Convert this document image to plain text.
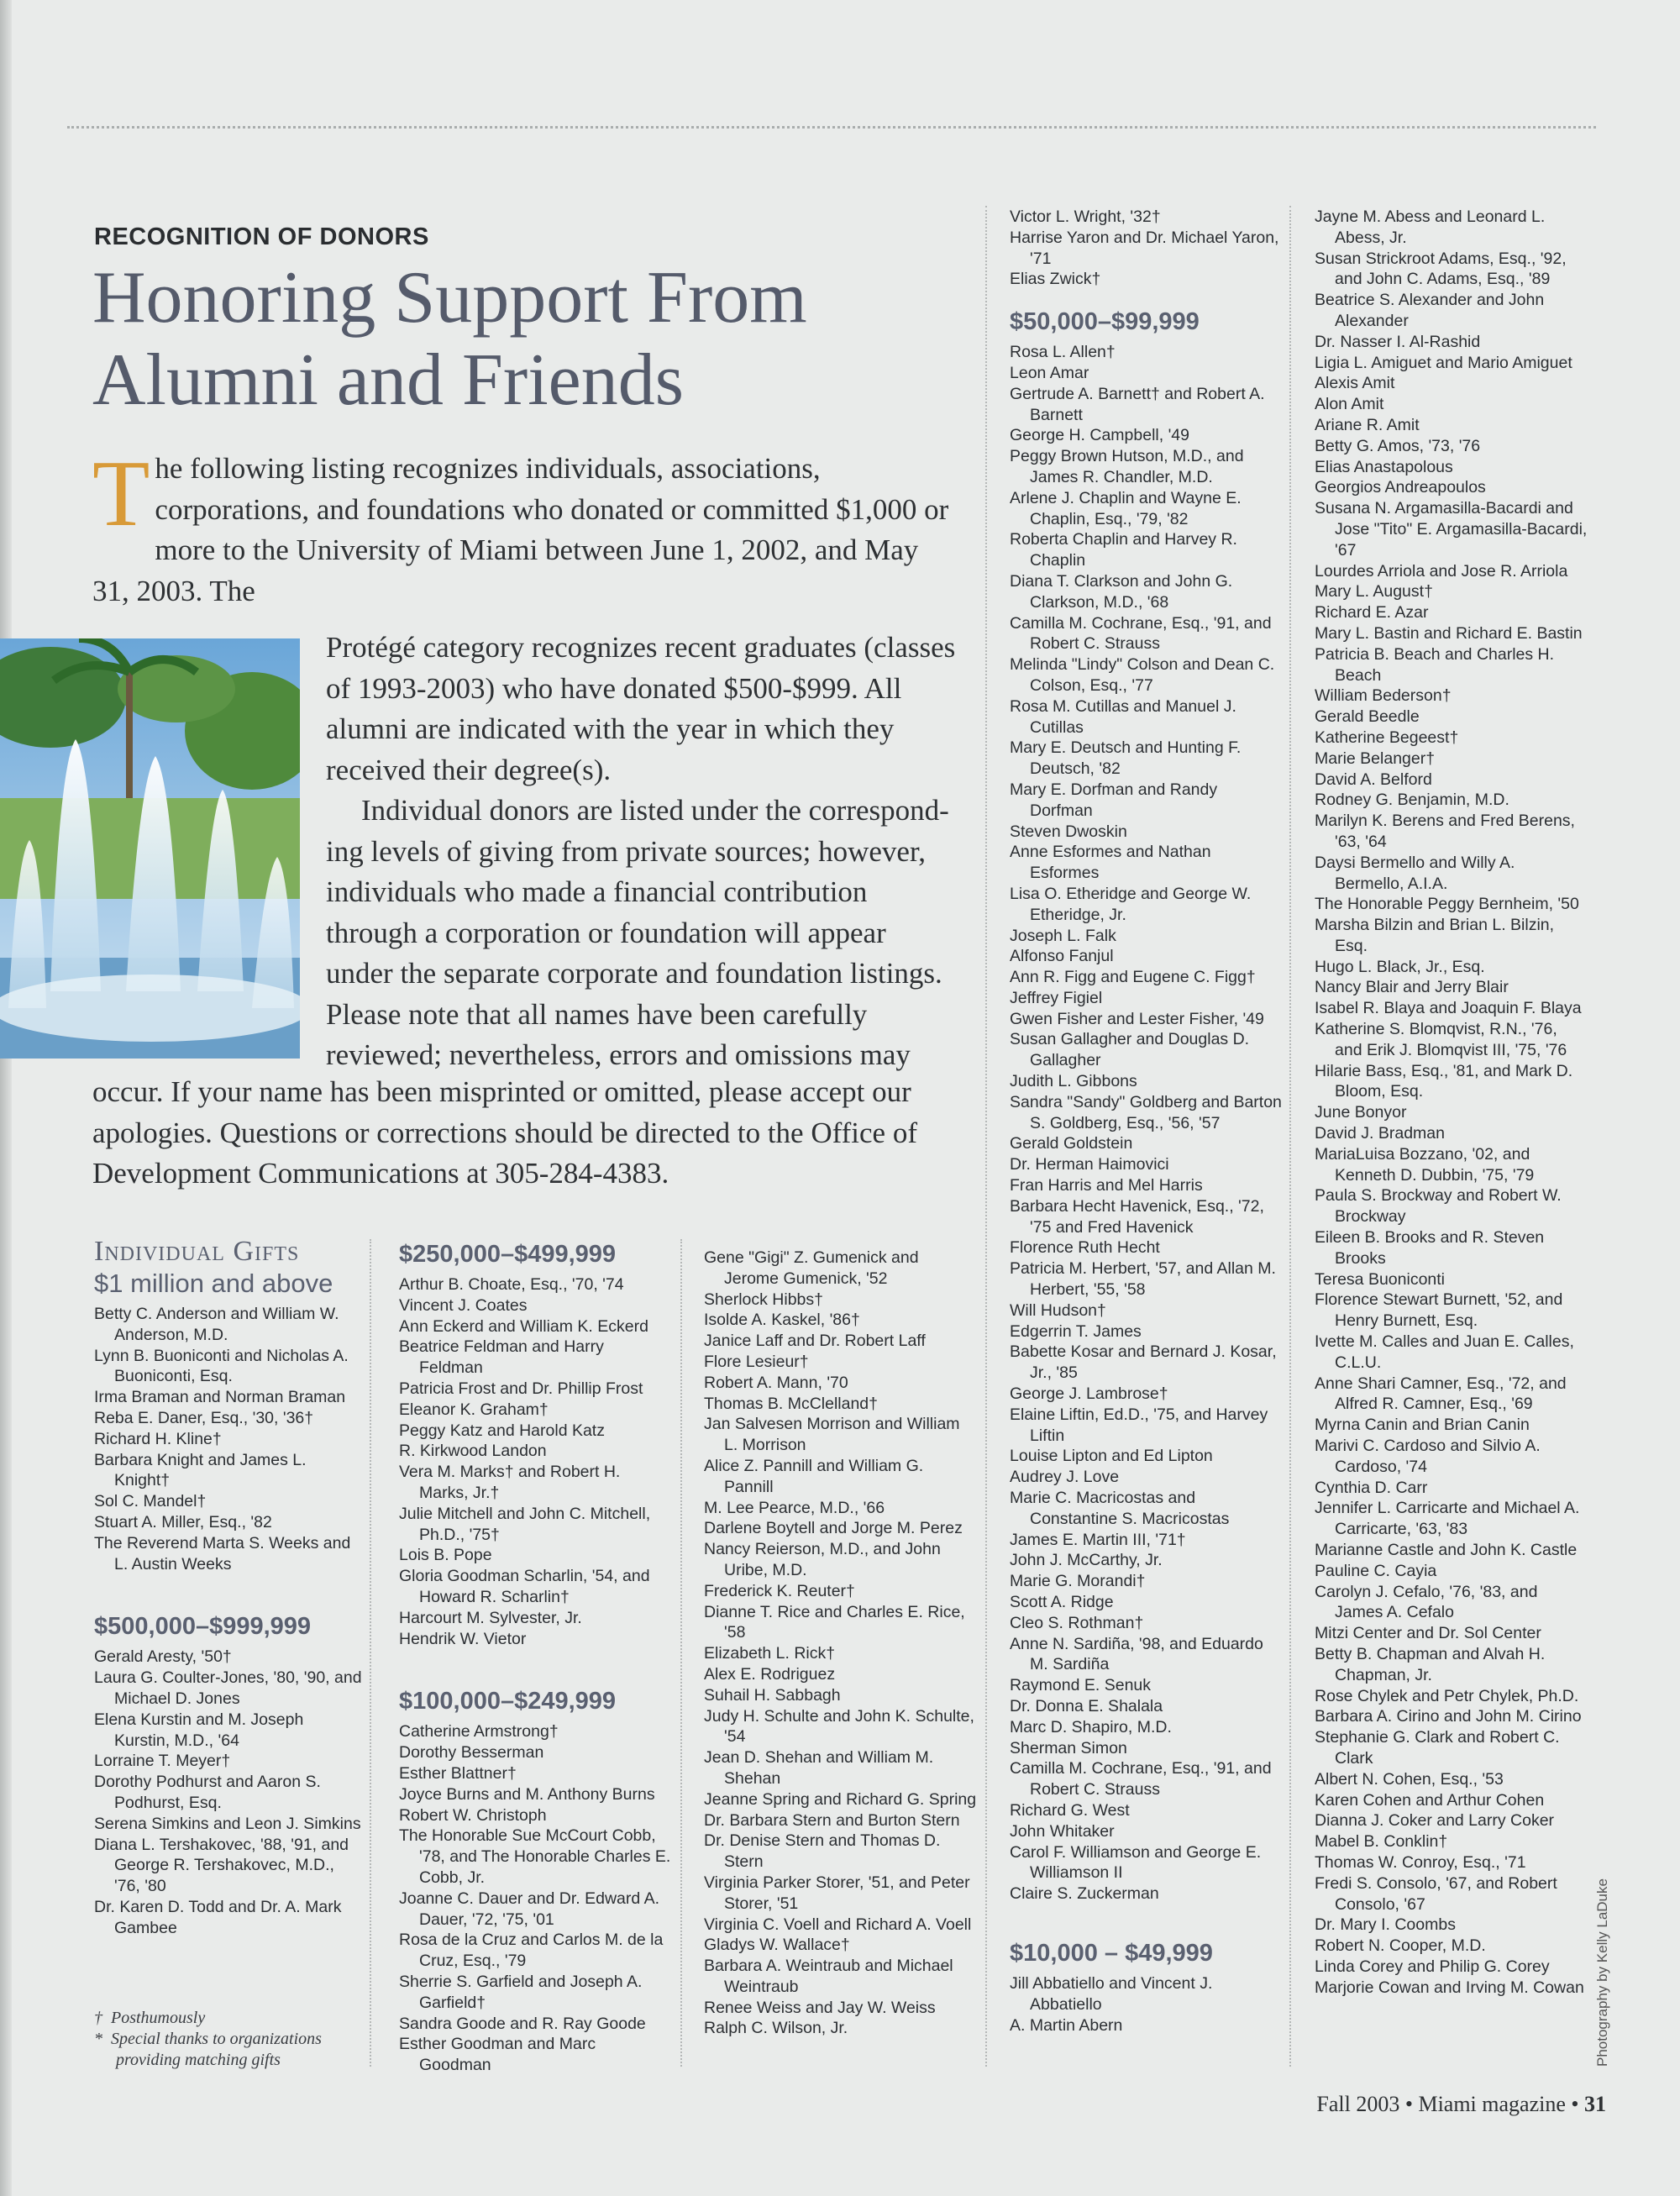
RECOGNITION OF DONORS
Honoring Support From Alumni and Friends
T he following listing recognizes individuals, associations, corporations, and foundations who donated or committed $1,000 or more to the University of Miami between June 1, 2002, and May 31, 2003. The
Protégé category recognizes recent graduates (classes of 1993-2003) who have donated $500-$999. All alumni are indicated with the year in which they received their degree(s).
Individual donors are listed under the correspond-ing levels of giving from private sources; however, individuals who made a financial contribution through a corporation or foundation will appear under the separate corporate and foundation listings. Please note that all names have been carefully reviewed; nevertheless, errors and omissions may
occur. If your name has been misprinted or omitted, please accept our apologies. Questions or corrections should be directed to the Office of Development Communications at 305-284-4383.
Individual Gifts
$1 million and above
Betty C. Anderson and William W. Anderson, M.D.
Lynn B. Buoniconti and Nicholas A. Buoniconti, Esq.
Irma Braman and Norman Braman
Reba E. Daner, Esq., '30, '36†
Richard H. Kline†
Barbara Knight and James L. Knight†
Sol C. Mandel†
Stuart A. Miller, Esq., '82
The Reverend Marta S. Weeks and L. Austin Weeks
$500,000–$999,999
Gerald Aresty, '50†
Laura G. Coulter-Jones, '80, '90, and Michael D. Jones
Elena Kurstin and M. Joseph Kurstin, M.D., '64
Lorraine T. Meyer†
Dorothy Podhurst and Aaron S. Podhurst, Esq.
Serena Simkins and Leon J. Simkins
Diana L. Tershakovec, '88, '91, and George R. Tershakovec, M.D., '76, '80
Dr. Karen D. Todd and Dr. A. Mark Gambee
$250,000–$499,999
Arthur B. Choate, Esq., '70, '74
Vincent J. Coates
Ann Eckerd and William K. Eckerd
Beatrice Feldman and Harry Feldman
Patricia Frost and Dr. Phillip Frost
Eleanor K. Graham†
Peggy Katz and Harold Katz
R. Kirkwood Landon
Vera M. Marks† and Robert H. Marks, Jr.†
Julie Mitchell and John C. Mitchell, Ph.D., '75†
Lois B. Pope
Gloria Goodman Scharlin, '54, and Howard R. Scharlin†
Harcourt M. Sylvester, Jr.
Hendrik W. Vietor
$100,000–$249,999
Catherine Armstrong†
Dorothy Besserman
Esther Blattner†
Joyce Burns and M. Anthony Burns
Robert W. Christoph
The Honorable Sue McCourt Cobb, '78, and The Honorable Charles E. Cobb, Jr.
Joanne C. Dauer and Dr. Edward A. Dauer, '72, '75, '01
Rosa de la Cruz and Carlos M. de la Cruz, Esq., '79
Sherrie S. Garfield and Joseph A. Garfield†
Sandra Goode and R. Ray Goode
Esther Goodman and Marc Goodman
Gene "Gigi" Z. Gumenick and Jerome Gumenick, '52
Sherlock Hibbs†
Isolde A. Kaskel, '86†
Janice Laff and Dr. Robert Laff
Flore Lesieur†
Robert A. Mann, '70
Thomas B. McClelland†
Jan Salvesen Morrison and William L. Morrison
Alice Z. Pannill and William G. Pannill
M. Lee Pearce, M.D., '66
Darlene Boytell and Jorge M. Perez
Nancy Reierson, M.D., and John Uribe, M.D.
Frederick K. Reuter†
Dianne T. Rice and Charles E. Rice, '58
Elizabeth L. Rick†
Alex E. Rodriguez
Suhail H. Sabbagh
Judy H. Schulte and John K. Schulte, '54
Jean D. Shehan and William M. Shehan
Jeanne Spring and Richard G. Spring
Dr. Barbara Stern and Burton Stern
Dr. Denise Stern and Thomas D. Stern
Virginia Parker Storer, '51, and Peter Storer, '51
Virginia C. Voell and Richard A. Voell
Gladys W. Wallace†
Barbara A. Weintraub and Michael Weintraub
Renee Weiss and Jay W. Weiss
Ralph C. Wilson, Jr.
Victor L. Wright, '32†
Harrise Yaron and Dr. Michael Yaron, '71
Elias Zwick†
$50,000–$99,999
Rosa L. Allen†
Leon Amar
Gertrude A. Barnett† and Robert A. Barnett
George H. Campbell, '49
Peggy Brown Hutson, M.D., and James R. Chandler, M.D.
Arlene J. Chaplin and Wayne E. Chaplin, Esq., '79, '82
Roberta Chaplin and Harvey R. Chaplin
Diana T. Clarkson and John G. Clarkson, M.D., '68
Camilla M. Cochrane, Esq., '91, and Robert C. Strauss
Melinda "Lindy" Colson and Dean C. Colson, Esq., '77
Rosa M. Cutillas and Manuel J. Cutillas
Mary E. Deutsch and Hunting F. Deutsch, '82
Mary E. Dorfman and Randy Dorfman
Steven Dwoskin
Anne Esformes and Nathan Esformes
Lisa O. Etheridge and George W. Etheridge, Jr.
Joseph L. Falk
Alfonso Fanjul
Ann R. Figg and Eugene C. Figg†
Jeffrey Figiel
Gwen Fisher and Lester Fisher, '49
Susan Gallagher and Douglas D. Gallagher
Judith L. Gibbons
Sandra "Sandy" Goldberg and Barton S. Goldberg, Esq., '56, '57
Gerald Goldstein
Dr. Herman Haimovici
Fran Harris and Mel Harris
Barbara Hecht Havenick, Esq., '72, '75 and Fred Havenick
Florence Ruth Hecht
Patricia M. Herbert, '57, and Allan M. Herbert, '55, '58
Will Hudson†
Edgerrin T. James
Babette Kosar and Bernard J. Kosar, Jr., '85
George J. Lambrose†
Elaine Liftin, Ed.D., '75, and Harvey Liftin
Louise Lipton and Ed Lipton
Audrey J. Love
Marie C. Macricostas and Constantine S. Macricostas
James E. Martin III, '71†
John J. McCarthy, Jr.
Marie G. Morandi†
Scott A. Ridge
Cleo S. Rothman†
Anne N. Sardiña, '98, and Eduardo M. Sardiña
Raymond E. Senuk
Dr. Donna E. Shalala
Marc D. Shapiro, M.D.
Sherman Simon
Camilla M. Cochrane, Esq., '91, and Robert C. Strauss
Richard G. West
John Whitaker
Carol F. Williamson and George E. Williamson II
Claire S. Zuckerman
$10,000 – $49,999
Jill Abbatiello and Vincent J. Abbatiello
A. Martin Abern
Jayne M. Abess and Leonard L. Abess, Jr.
Susan Strickroot Adams, Esq., '92, and John C. Adams, Esq., '89
Beatrice S. Alexander and John Alexander
Dr. Nasser I. Al-Rashid
Ligia L. Amiguet and Mario Amiguet
Alexis Amit
Alon Amit
Ariane R. Amit
Betty G. Amos, '73, '76
Elias Anastapolous
Georgios Andreapoulos
Susana N. Argamasilla-Bacardi and Jose "Tito" E. Argamasilla-Bacardi, '67
Lourdes Arriola and Jose R. Arriola
Mary L. August†
Richard E. Azar
Mary L. Bastin and Richard E. Bastin
Patricia B. Beach and Charles H. Beach
William Bederson†
Gerald Beedle
Katherine Begeest†
Marie Belanger†
David A. Belford
Rodney G. Benjamin, M.D.
Marilyn K. Berens and Fred Berens, '63, '64
Daysi Bermello and Willy A. Bermello, A.I.A.
The Honorable Peggy Bernheim, '50
Marsha Bilzin and Brian L. Bilzin, Esq.
Hugo L. Black, Jr., Esq.
Nancy Blair and Jerry Blair
Isabel R. Blaya and Joaquin F. Blaya
Katherine S. Blomqvist, R.N., '76, and Erik J. Blomqvist III, '75, '76
Hilarie Bass, Esq., '81, and Mark D. Bloom, Esq.
June Bonyor
David J. Bradman
MariaLuisa Bozzano, '02, and Kenneth D. Dubbin, '75, '79
Paula S. Brockway and Robert W. Brockway
Eileen B. Brooks and R. Steven Brooks
Teresa Buoniconti
Florence Stewart Burnett, '52, and Henry Burnett, Esq.
Ivette M. Calles and Juan E. Calles, C.L.U.
Anne Shari Camner, Esq., '72, and Alfred R. Camner, Esq., '69
Myrna Canin and Brian Canin
Marivi C. Cardoso and Silvio A. Cardoso, '74
Cynthia D. Carr
Jennifer L. Carricarte and Michael A. Carricarte, '63, '83
Marianne Castle and John K. Castle
Pauline C. Cayia
Carolyn J. Cefalo, '76, '83, and James A. Cefalo
Mitzi Center and Dr. Sol Center
Betty B. Chapman and Alvah H. Chapman, Jr.
Rose Chylek and Petr Chylek, Ph.D.
Barbara A. Cirino and John M. Cirino
Stephanie G. Clark and Robert C. Clark
Albert N. Cohen, Esq., '53
Karen Cohen and Arthur Cohen
Dianna J. Coker and Larry Coker
Mabel B. Conklin†
Thomas W. Conroy, Esq., '71
Fredi S. Consolo, '67, and Robert Consolo, '67
Dr. Mary I. Coombs
Robert N. Cooper, M.D.
Linda Corey and Philip G. Corey
Marjorie Cowan and Irving M. Cowan
† Posthumously
* Special thanks to organizations providing matching gifts	Photography by Kelly LaDuke
Fall 2003 • Miami magazine • 31
